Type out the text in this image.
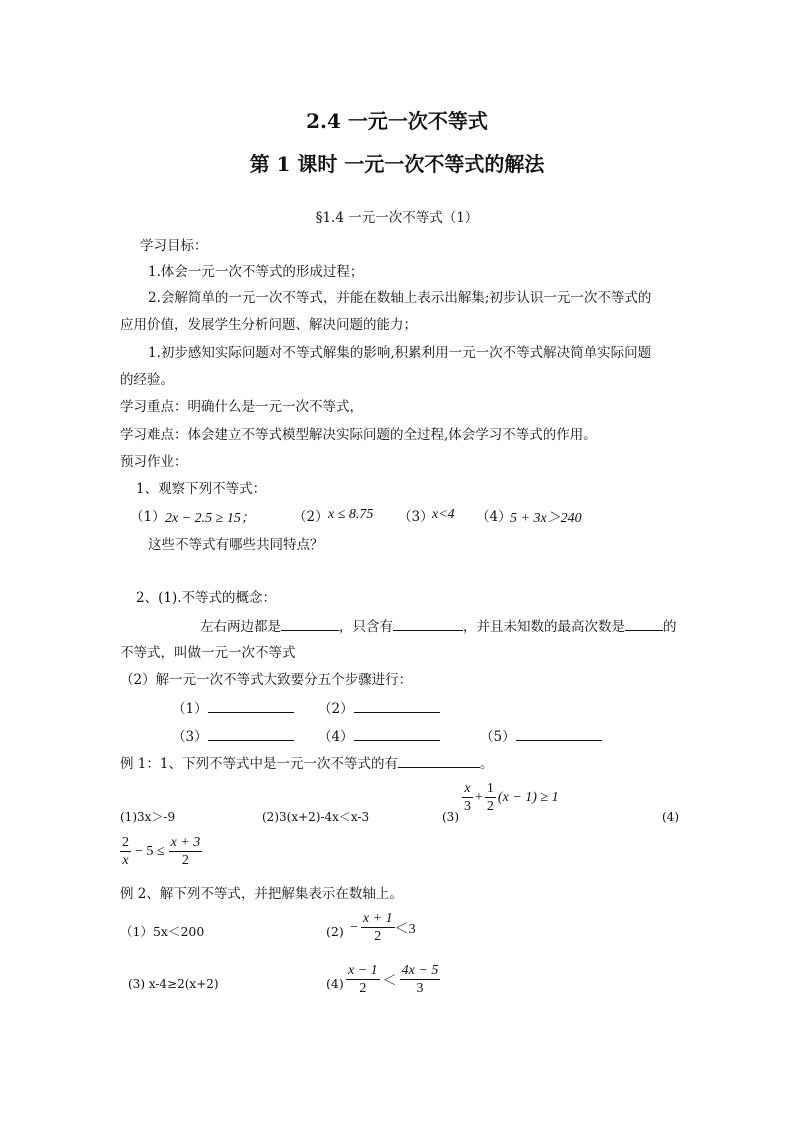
2.4 一元一次不等式
第 1 课时 一元一次不等式的解法
§1.4 一元一次不等式（1）
学习目标：
1.体会一元一次不等式的形成过程；
2.会解简单的一元一次不等式，并能在数轴上表示出解集;初步认识一元一次不等式的
应用价值，发展学生分析问题、解决问题的能力；
1.初步感知实际问题对不等式解集的影响,积累利用一元一次不等式解决简单实际问题
的经验。
学习重点：明确什么是一元一次不等式，
学习难点：体会建立不等式模型解决实际问题的全过程,体会学习不等式的作用。
预习作业：
1、观察下列不等式：
（1） 2x − 2.5 ≥ 15；	（2） x ≤ 8.75 （3）
x<4 （4）
5 + 3x＞240
这些不等式有哪些共同特点？
2、(1).不等式的概念：
左右两边都是	，只含有	，并且未知数的最高次数是	的
不等式，叫做一元一次不等式
（2）解一元一次不等式大致要分五个步骤进行：
（1）	（2）
（3）	（4）	（5）
例 1：1、下列不等式中是一元一次不等式的有	。
(1)3x＞-9	(2)3(x+2)-4x＜x-3	(3)
$\frac{x}{3} + \frac{1}{2} (x - 1) \ge 1$
(4)
$\frac{2}{x} - 5 \le \frac{x + 3}{2}$
例 2、解下列不等式，并把解集表示在数轴上。
（1）5x＜200	$(2) - \frac{x + 1}{2} <3$
(3) x-4≥2(x+2)	$(4) \frac{x - 1}{2} < \frac{4x - 5}{3}$
